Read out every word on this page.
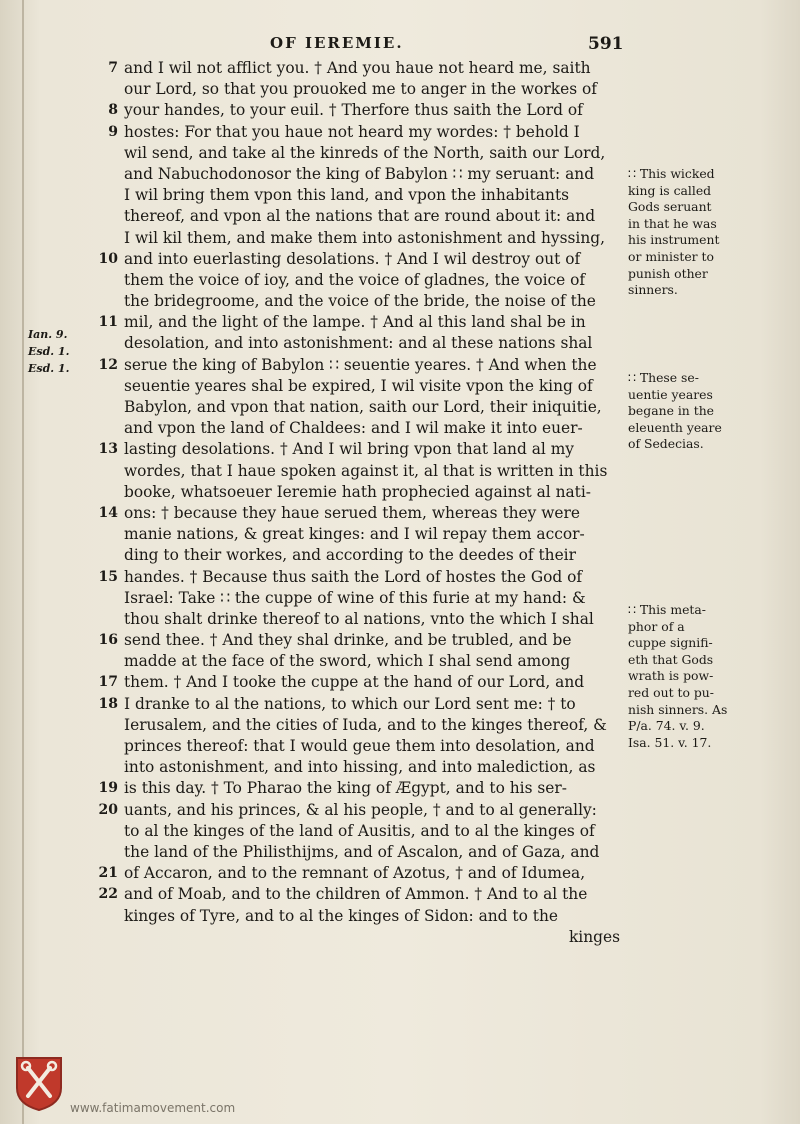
OF IEREMIE.	591
Ian. 9.
Esd. 1.
Esd. 1.
7 and I wil not afflict you. † And you haue not heard me, saith
our Lord, so that you prouoked me to anger in the workes of
8 your handes, to your euil. † Therfore thus saith the Lord of
9 hostes: For that you haue not heard my wordes: † behold I
wil send, and take al the kinreds of the North, saith our Lord,
and Nabuchodonosor the king of Babylon ∷ my seruant: and
I wil bring them vpon this land, and vpon the inhabitants
thereof, and vpon al the nations that are round about it: and
I wil kil them, and make them into astonishment and hyssing,
10 and into euerlasting desolations. † And I wil destroy out of
them the voice of ioy, and the voice of gladnes, the voice of
the bridegroome, and the voice of the bride, the noise of the
11 mil, and the light of the lampe. † And al this land shal be in
desolation, and into astonishment: and al these nations shal
12 serue the king of Babylon ∷ seuentie yeares. † And when the
seuentie yeares shal be expired, I wil visite vpon the king of
Babylon, and vpon that nation, saith our Lord, their iniquitie,
and vpon the land of Chaldees: and I wil make it into euer-
13 lasting desolations. † And I wil bring vpon that land al my
wordes, that I haue spoken against it, al that is written in this
booke, whatsoeuer Ieremie hath prophecied against al nati-
14 ons: † because they haue serued them, whereas they were
manie nations, & great kinges: and I wil repay them accor-
ding to their workes, and according to the deedes of their
15 handes. † Because thus saith the Lord of hostes the God of
Israel: Take ∷ the cuppe of wine of this furie at my hand: &
thou shalt drinke thereof to al nations, vnto the which I shal
16 send thee. † And they shal drinke, and be trubled, and be
madde at the face of the sword, which I shal send among
17 them. † And I tooke the cuppe at the hand of our Lord, and
18 I dranke to al the nations, to which our Lord sent me: † to
Ierusalem, and the cities of Iuda, and to the kinges thereof, &
princes thereof: that I would geue them into desolation, and
into astonishment, and into hissing, and into malediction, as
19 is this day. † To Pharao the king of Ægypt, and to his ser-
20 uants, and his princes, & al his people, † and to al generally:
to al the kinges of the land of Ausitis, and to al the kinges of
the land of the Philisthijms, and of Ascalon, and of Gaza, and
21 of Accaron, and to the remnant of Azotus, † and of Idumea,
22 and of Moab, and to the children of Ammon. † And to al the
kinges of Tyre, and to al the kinges of Sidon: and to the
kinges
∷ This wicked
king is called
Gods seruant
in that he was
his instrument
or minister to
punish other
sinners.
∷ These se-
uentie yeares
begane in the
eleuenth yeare
of Sedecias.
∷ This meta-
phor of a
cuppe signifi-
eth that Gods
wrath is pow-
red out to pu-
nish sinners. As
P/a. 74. v. 9.
Isa. 51. v. 17.
www.fatimamovement.com
